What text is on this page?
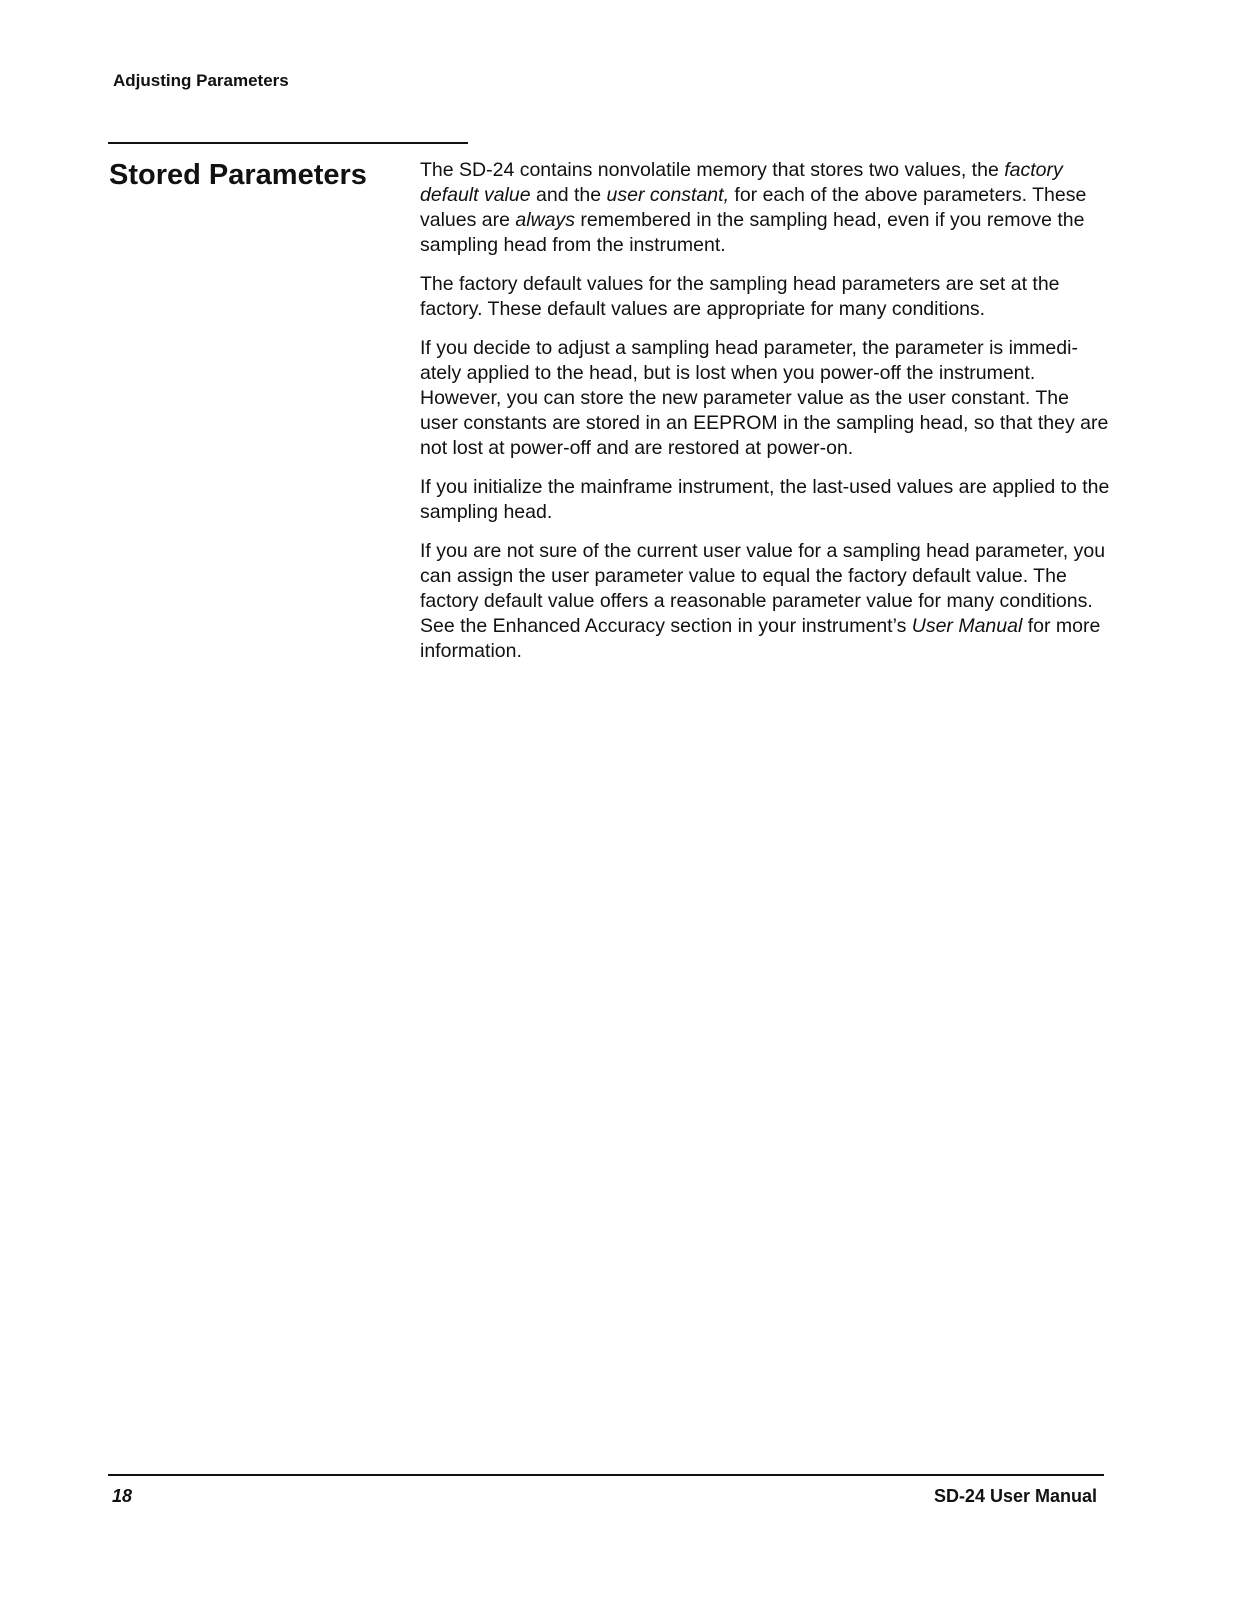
Adjusting Parameters
Stored Parameters	The SD-24 contains nonvolatile memory that stores two values, the factory default value and the user constant, for each of the above parameters. These values are always remembered in the sampling head, even if you remove the sampling head from the instrument.

The factory default values for the sampling head parameters are set at the factory. These default values are appropriate for many conditions.

If you decide to adjust a sampling head parameter, the parameter is immediately applied to the head, but is lost when you power-off the instrument. However, you can store the new parameter value as the user constant. The user constants are stored in an EEPROM in the sampling head, so that they are not lost at power-off and are restored at power-on.

If you initialize the mainframe instrument, the last-used values are applied to the sampling head.

If you are not sure of the current user value for a sampling head parameter, you can assign the user parameter value to equal the factory default value. The factory default value offers a reasonable parameter value for many conditions. See the Enhanced Accuracy section in your instrument’s User Manual for more information.

18	SD-24 User Manual
